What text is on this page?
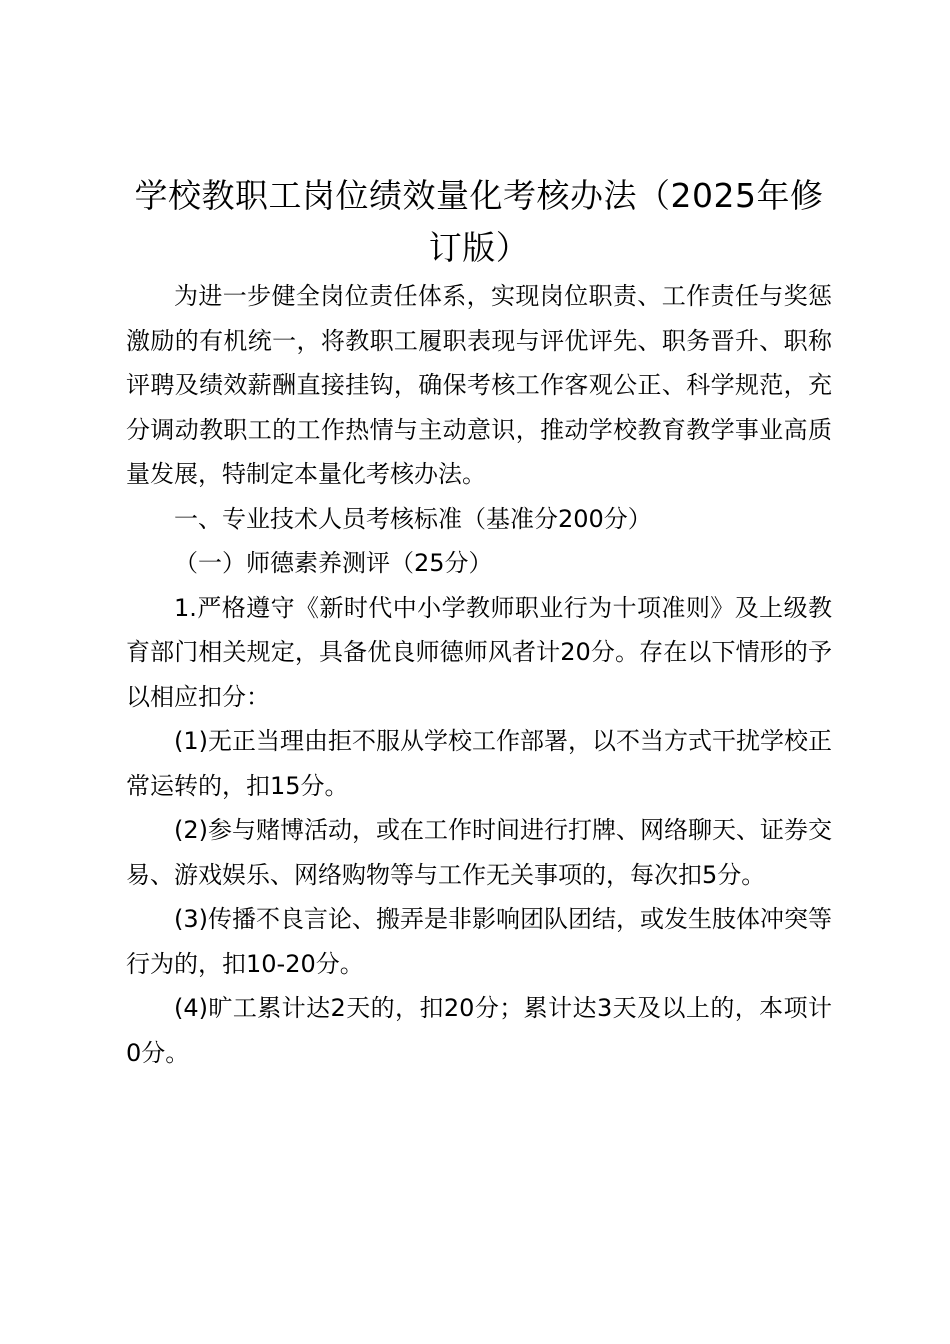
学校教职工岗位绩效量化考核办法（2025年修订版）

为进一步健全岗位责任体系，实现岗位职责、工作责任与奖惩激励的有机统一，将教职工履职表现与评优评先、职务晋升、职称评聘及绩效薪酬直接挂钩，确保考核工作客观公正、科学规范，充分调动教职工的工作热情与主动意识，推动学校教育教学事业高质量发展，特制定本量化考核办法。

一、专业技术人员考核标准（基准分200分）

（一）师德素养测评（25分）

1.严格遵守《新时代中小学教师职业行为十项准则》及上级教育部门相关规定，具备优良师德师风者计20分。存在以下情形的予以相应扣分：

(1)无正当理由拒不服从学校工作部署，以不当方式干扰学校正常运转的，扣15分。

(2)参与赌博活动，或在工作时间进行打牌、网络聊天、证券交易、游戏娱乐、网络购物等与工作无关事项的，每次扣5分。

(3)传播不良言论、搬弄是非影响团队团结，或发生肢体冲突等行为的，扣10-20分。

(4)旷工累计达2天的，扣20分；累计达3天及以上的，本项计0分。
